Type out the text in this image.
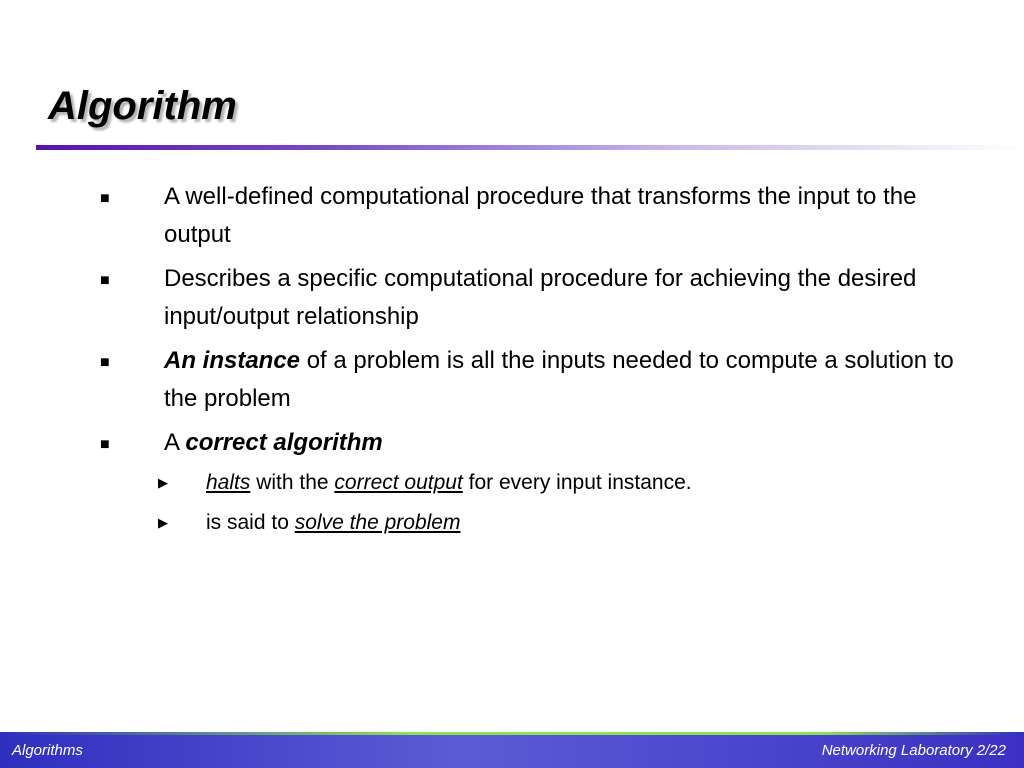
Algorithm
■ A well-defined computational procedure that transforms the input to the output
■ Describes a specific computational procedure for achieving the desired input/output relationship
■ An instance of a problem is all the inputs needed to compute a solution to the problem
■ A correct algorithm
▶ halts with the correct output for every input instance.
▶ is said to solve the problem
Algorithms	Networking Laboratory 2/22
